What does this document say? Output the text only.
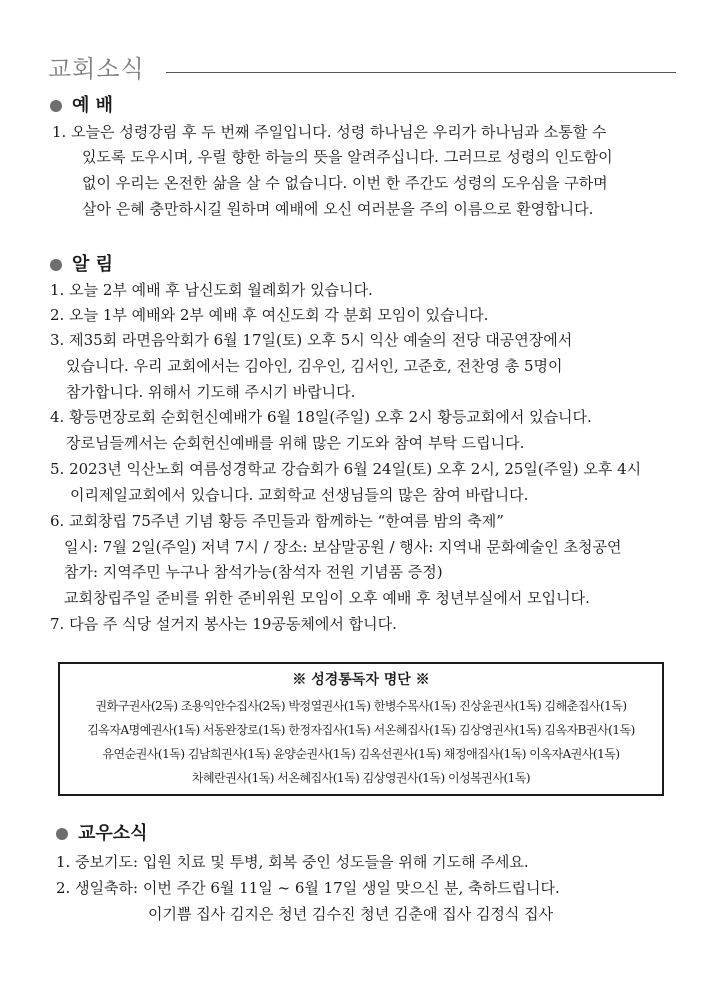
교회소식
예 배
1. 오늘은 성령강림 후 두 번째 주일입니다. 성령 하나님은 우리가 하나님과 소통할 수
있도록 도우시며, 우릴 향한 하늘의 뜻을 알려주십니다. 그러므로 성령의 인도함이
없이 우리는 온전한 삶을 살 수 없습니다. 이번 한 주간도 성령의 도우심을 구하며
살아 은혜 충만하시길 원하며 예배에 오신 여러분을 주의 이름으로 환영합니다.
알 림
1. 오늘 2부 예배 후 남신도회 월례회가 있습니다.
2. 오늘 1부 예배와 2부 예배 후 여신도회 각 분회 모임이 있습니다.
3. 제35회 라면음악회가 6월 17일(토) 오후 5시 익산 예술의 전당 대공연장에서
있습니다. 우리 교회에서는 김아인, 김우인, 김서인, 고준호, 전찬영 총 5명이
참가합니다. 위해서 기도해 주시기 바랍니다.
4. 황등면장로회 순회헌신예배가 6월 18일(주일) 오후 2시 황등교회에서 있습니다.
장로님들께서는 순회헌신예배를 위해 많은 기도와 참여 부탁 드립니다.
5. 2023년 익산노회 여름성경학교 강습회가 6월 24일(토) 오후 2시, 25일(주일) 오후 4시
이리제일교회에서 있습니다. 교회학교 선생님들의 많은 참여 바랍니다.
6. 교회창립 75주년 기념 황등 주민들과 함께하는 “한여름 밤의 축제”
일시: 7월 2일(주일) 저녁 7시 / 장소: 보삼말공원 / 행사: 지역내 문화예술인 초청공연
참가: 지역주민 누구나 참석가능(참석자 전원 기념품 증정)
교회창립주일 준비를 위한 준비위원 모임이 오후 예배 후 청년부실에서 모입니다.
7. 다음 주 식당 설거지 봉사는 19공동체에서 합니다.
※ 성경통독자 명단 ※
권화구권사(2독) 조용익안수집사(2독) 박정열권사(1독) 한병수목사(1독) 진상윤권사(1독) 김해춘집사(1독)
김옥자A명예권사(1독) 서동완장로(1독) 한정자집사(1독) 서온혜집사(1독) 김상영권사(1독) 김옥자B권사(1독)
유연순권사(1독) 김남희권사(1독) 윤양순권사(1독) 김옥선권사(1독) 채정애집사(1독) 이옥자A권사(1독)
차혜란권사(1독) 서온혜집사(1독) 김상영권사(1독) 이성복권사(1독)
교우소식
1. 중보기도: 입원 치료 및 투병, 회복 중인 성도들을 위해 기도해 주세요.
2. 생일축하: 이번 주간 6월 11일 ~ 6월 17일 생일 맞으신 분, 축하드립니다.
이기쁨 집사 김지은 청년 김수진 청년 김춘애 집사 김정식 집사
